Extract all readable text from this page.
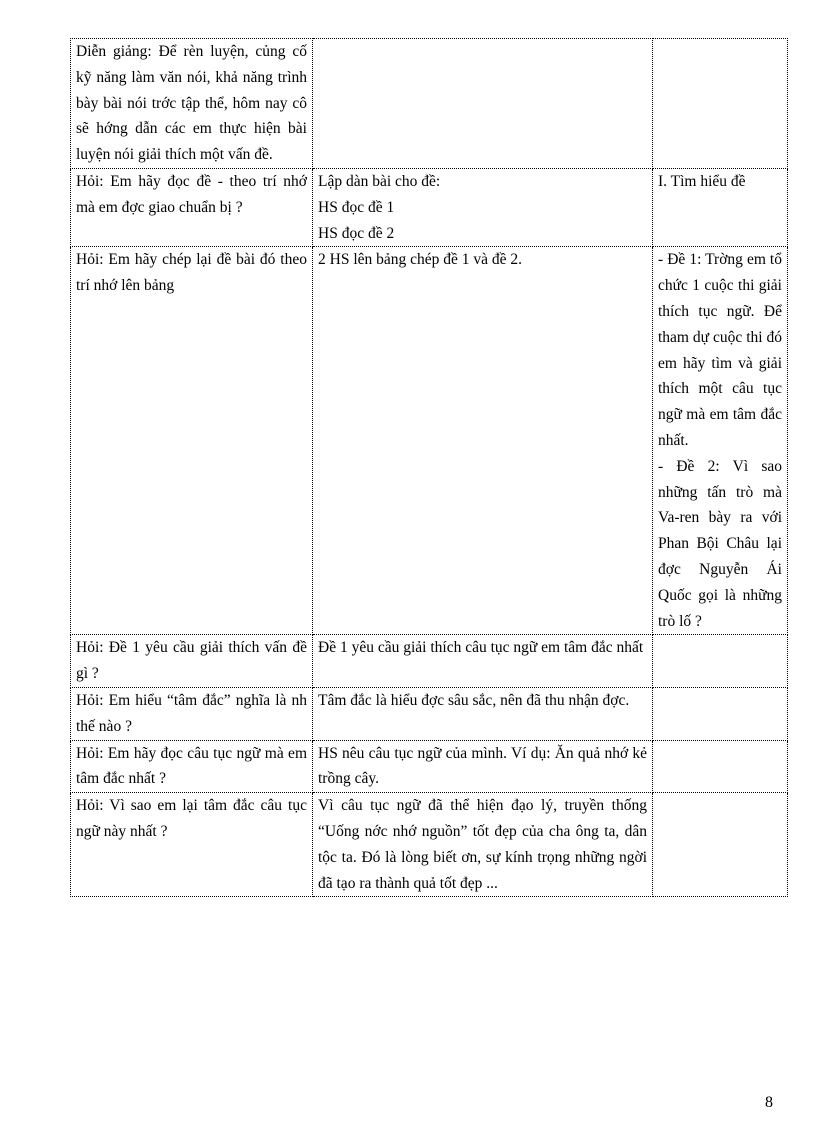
Diễn giảng: Để rèn luyện, củng cố kỹ năng làm văn nói, khả năng trình bày bài nói trớc tập thể, hôm nay cô sẽ hớng dẫn các em thực hiện bài luyện nói giải thích một vấn đề.		

Hỏi: Em hãy đọc đề - theo trí nhớ mà em đợc giao chuẩn bị ?	Lập dàn bài cho đề:
HS đọc đề 1
HS đọc đề 2	I. Tìm hiểu đề

Hỏi: Em hãy chép lại đề bài đó theo trí nhớ lên bảng	2 HS lên bảng chép đề 1 và đề 2.	- Đề 1: Trờng em tổ chức 1 cuộc thi giải thích tục ngữ. Để tham dự cuộc thi đó em hãy tìm và giải thích một câu tục ngữ mà em tâm đắc nhất.
- Đề 2: Vì sao những tấn trò mà Va-ren bày ra với Phan Bội Châu lại đợc Nguyễn Ái Quốc gọi là những trò lố ?

Hỏi: Đề 1 yêu cầu giải thích vấn đề gì ?	Đề 1 yêu cầu giải thích câu tục ngữ em tâm đắc nhất	

Hỏi: Em hiểu “tâm đắc” nghĩa là nh thế nào ?	Tâm đắc là hiểu đợc sâu sắc, nên đã thu nhận đợc.	

Hỏi: Em hãy đọc câu tục ngữ mà em tâm đắc nhất ?	HS nêu câu tục ngữ của mình. Ví dụ: Ăn quả nhớ kẻ trồng cây.	

Hỏi: Vì sao em lại tâm đắc câu tục ngữ này nhất ?	Vì câu tục ngữ đã thể hiện đạo lý, truyền thống “Uống nớc nhớ nguồn” tốt đẹp của cha ông ta, dân tộc ta. Đó là lòng biết ơn, sự kính trọng những ngời đã tạo ra thành quả tốt đẹp ...	

8
